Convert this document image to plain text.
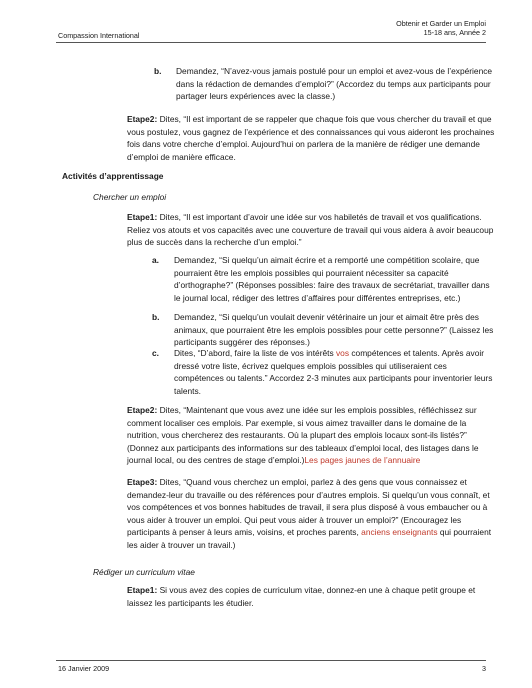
Compassion International
Obtenir et Garder un Emploi
15-18 ans, Année 2
b. Demandez, “N’avez-vous jamais postulé pour un emploi et avez-vous de l’expérience dans la rédaction de demandes d’emploi?” (Accordez du temps aux participants pour partager leurs expériences avec la classe.)

Etape2: Dites, “Il est important de se rappeler que chaque fois que vous chercher du travail et que vous postulez, vous gagnez de l’expérience et des connaissances qui vous aideront les prochaines fois dans votre cherche d’emploi. Aujourd’hui on parlera de la manière de rédiger une demande d’emploi de manière efficace.

Activités d’apprentissage
Chercher un emploi

Etape1: Dites, “Il est important d’avoir une idée sur vos habiletés de travail et vos qualifications. Reliez vos atouts et vos capacités avec une couverture de travail qui vous aidera à avoir beaucoup plus de succès dans la recherche d’un emploi.”

a. Demandez, “Si quelqu’un aimait écrire et a remporté une compétition scolaire, que pourraient être les emplois possibles qui pourraient nécessiter sa capacité d’orthographe?” (Réponses possibles: faire des travaux de secrétariat, travailler dans le journal local, rédiger des lettres d’affaires pour différentes entreprises, etc.)
b. Demandez, “Si quelqu’un voulait devenir vétérinaire un jour et aimait être près des animaux, que pourraient être les emplois possibles pour cette personne?” (Laissez les participants suggérer des réponses.)
c. Dites, “D’abord, faire la liste de vos intérêts vos compétences et talents. Après avoir dressé votre liste, écrivez quelques emplois possibles qui utiliseraient ces compétences ou talents.” Accordez 2-3 minutes aux participants pour inventorier leurs talents.

Etape2: Dites, “Maintenant que vous avez une idée sur les emplois possibles, réfléchissez sur comment localiser ces emplois. Par exemple, si vous aimez travailler dans le domaine de la nutrition, vous chercherez des restaurants. Où la plupart des emplois locaux sont-ils listés?” (Donnez aux participants des informations sur des tableaux d’emploi local, des listages dans le journal local, ou des centres de stage d’emploi.)Les pages jaunes de l’annuaire

Etape3: Dites, “Quand vous cherchez un emploi, parlez à des gens que vous connaissez et demandez-leur du travaille ou des références pour d’autres emplois. Si quelqu’un vous connaît, et vos compétences et vos bonnes habitudes de travail, il sera plus disposé à vous embaucher ou à vous aider à trouver un emploi. Qui peut vous aider à trouver un emploi?” (Encouragez les participants à penser à leurs amis, voisins, et proches parents, anciens enseignants qui pourraient les aider à trouver un travail.)

Rédiger un curriculum vitae

Etape1: Si vous avez des copies de curriculum vitae, donnez-en une à chaque petit groupe et laissez les participants les étudier.

16 Janvier 2009	3
